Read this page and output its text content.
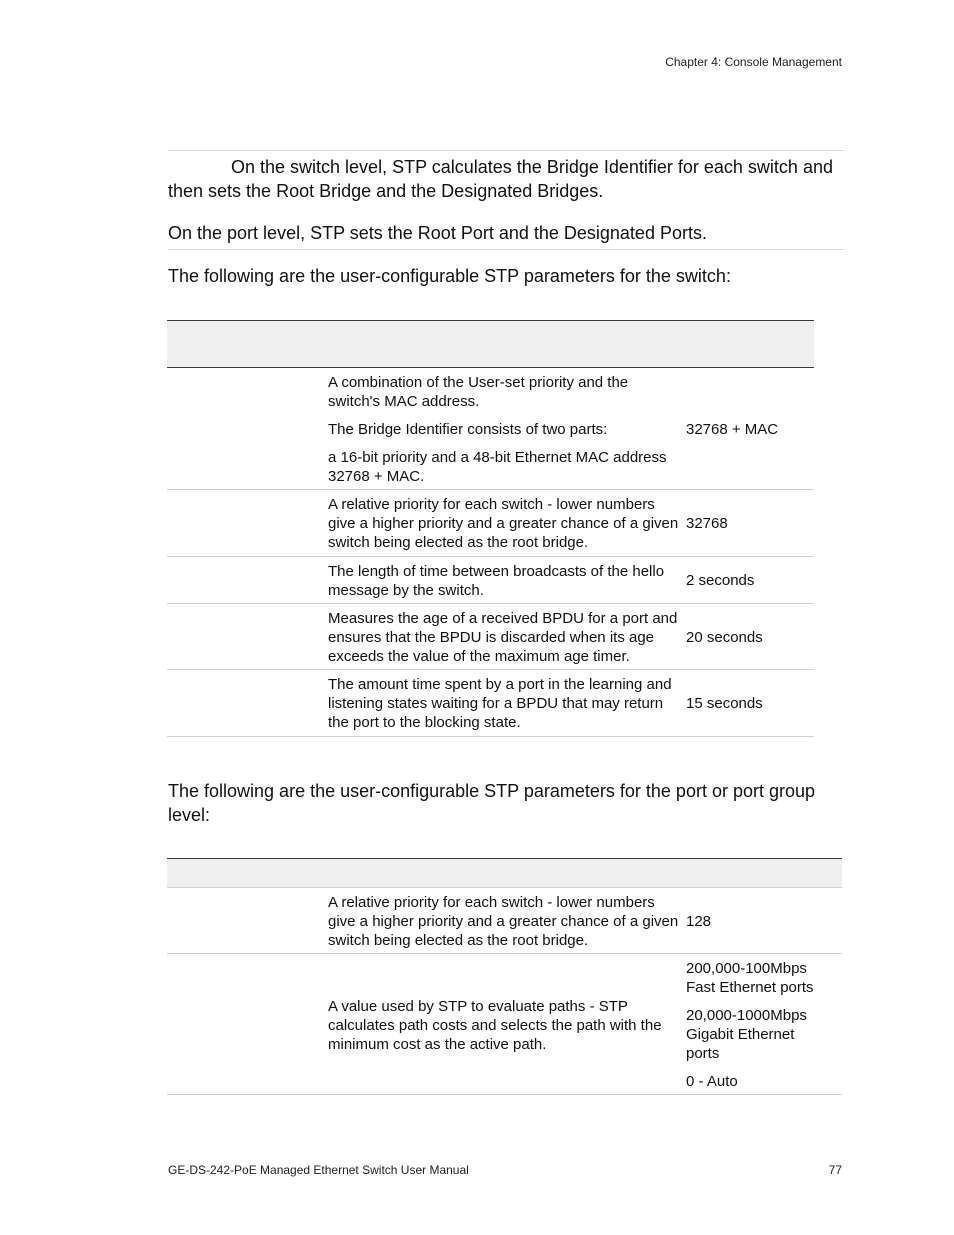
Chapter 4: Console Management

On the switch level, STP calculates the Bridge Identifier for each switch and then sets the Root Bridge and the Designated Bridges.

On the port level, STP sets the Root Port and the Designated Ports.

The following are the user-configurable STP parameters for the switch:

A combination of the User-set priority and the switch's MAC address.

The Bridge Identifier consists of two parts:

a 16-bit priority and a 48-bit Ethernet MAC address 32768 + MAC.

32768 + MAC
A relative priority for each switch - lower numbers give a higher priority and a greater chance of a given switch being elected as the root bridge.
32768
The length of time between broadcasts of the hello message by the switch.
2 seconds
Measures the age of a received BPDU for a port and ensures that the BPDU is discarded when its age exceeds the value of the maximum age timer.
20 seconds
The amount time spent by a port in the learning and listening states waiting for a BPDU that may return the port to the blocking state.
15 seconds

The following are the user-configurable STP parameters for the port or port group level:

A relative priority for each switch - lower numbers give a higher priority and a greater chance of a given switch being elected as the root bridge.
128
A value used by STP to evaluate paths - STP calculates path costs and selects the path with the minimum cost as the active path.

200,000-100Mbps Fast Ethernet ports

20,000-1000Mbps Gigabit Ethernet ports

0 - Auto

GE-DS-242-PoE Managed Ethernet Switch User Manual	77
